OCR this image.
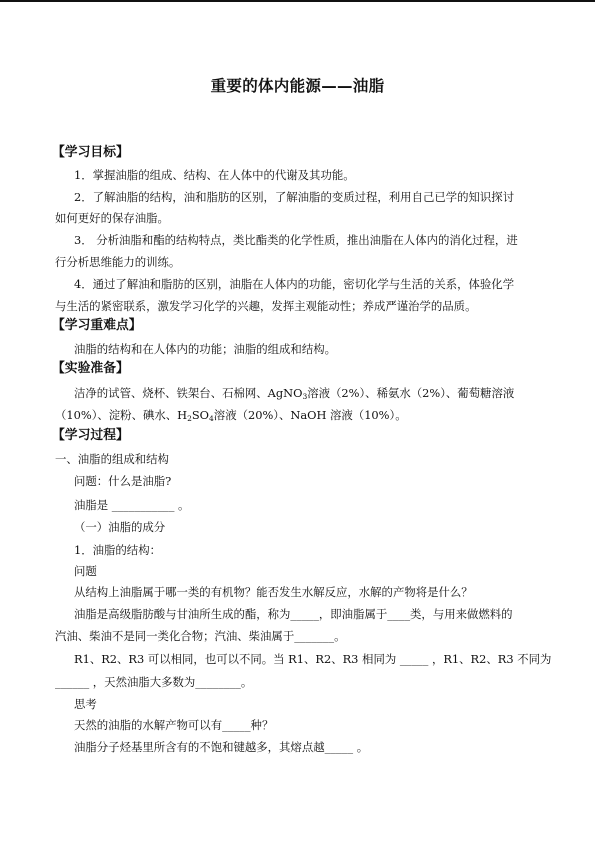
重要的体内能源——油脂
【学习目标】
1．掌握油脂的组成、结构、在人体中的代谢及其功能。
2．了解油脂的结构，油和脂肪的区别，了解油脂的变质过程，利用自己已学的知识探讨
如何更好的保存油脂。
3． 分析油脂和酯的结构特点，类比酯类的化学性质，推出油脂在人体内的消化过程，进
行分析思维能力的训练。
4．通过了解油和脂肪的区别，油脂在人体内的功能，密切化学与生活的关系，体验化学
与生活的紧密联系，激发学习化学的兴趣，发挥主观能动性；养成严谨治学的品质。
【学习重难点】
油脂的结构和在人体内的功能；油脂的组成和结构。
【实验准备】
洁净的试管、烧杯、铁架台、石棉网、AgNO$_3$溶液（2%）、稀氨水（2%）、葡萄糖溶液
（10%）、淀粉、碘水、$H_2SO_4$溶液（20%）、NaOH 溶液（10%）。
【学习过程】
一、油脂的组成和结构
问题：什么是油脂?
油脂是 ___________ 。
（一）油脂的成分
1．油脂的结构：
问题
从结构上油脂属于哪一类的有机物？能否发生水解反应，水解的产物将是什么？
油脂是高级脂肪酸与甘油所生成的酯，称为_____，即油脂属于____类，与用来做燃料的
汽油、柴油不是同一类化合物；汽油、柴油属于_______。
R1、R2、R3 可以相同，也可以不同。当 R1、R2、R3 相同为 _____ ，R1、R2、R3 不同为
______ ，天然油脂大多数为________。
思考
天然的油脂的水解产物可以有_____种？
油脂分子烃基里所含有的不饱和键越多，其熔点越_____ 。
